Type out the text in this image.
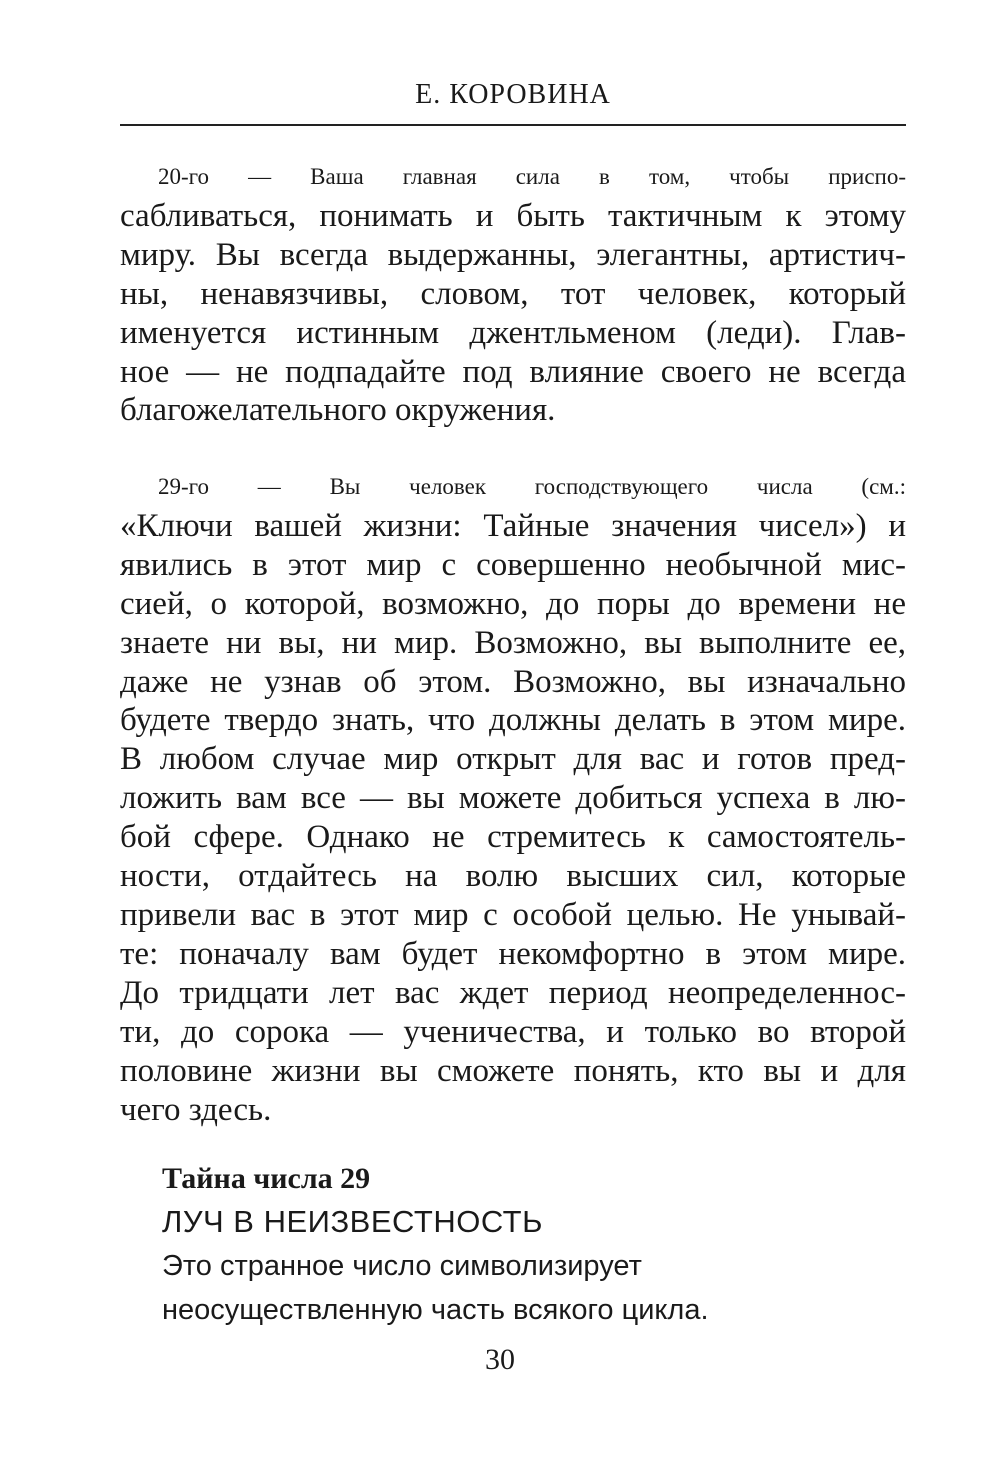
Е. КОРОВИНА
20-го — Ваша главная сила в том, чтобы приспо-
сабливаться, понимать и быть тактичным к этому
миру. Вы всегда выдержанны, элегантны, артистич-
ны, ненавязчивы, словом, тот человек, который
именуется истинным джентльменом (леди). Глав-
ное — не подпадайте под влияние своего не всегда
благожелательного окружения.
29-го — Вы человек господствующего числа (см.:
«Ключи вашей жизни: Тайные значения чисел») и
явились в этот мир с совершенно необычной мис-
сией, о которой, возможно, до поры до времени не
знаете ни вы, ни мир. Возможно, вы выполните ее,
даже не узнав об этом. Возможно, вы изначально
будете твердо знать, что должны делать в этом мире.
В любом случае мир открыт для вас и готов пред-
ложить вам все — вы можете добиться успеха в лю-
бой сфере. Однако не стремитесь к самостоятель-
ности, отдайтесь на волю высших сил, которые
привели вас в этот мир с особой целью. Не унывай-
те: поначалу вам будет некомфортно в этом мире.
До тридцати лет вас ждет период неопределеннос-
ти, до сорока — ученичества, и только во второй
половине жизни вы сможете понять, кто вы и для
чего здесь.

Тайна числа 29

ЛУЧ В НЕИЗВЕСТНОСТЬ

Это странное число символизирует
неосуществленную часть всякого цикла.

30
